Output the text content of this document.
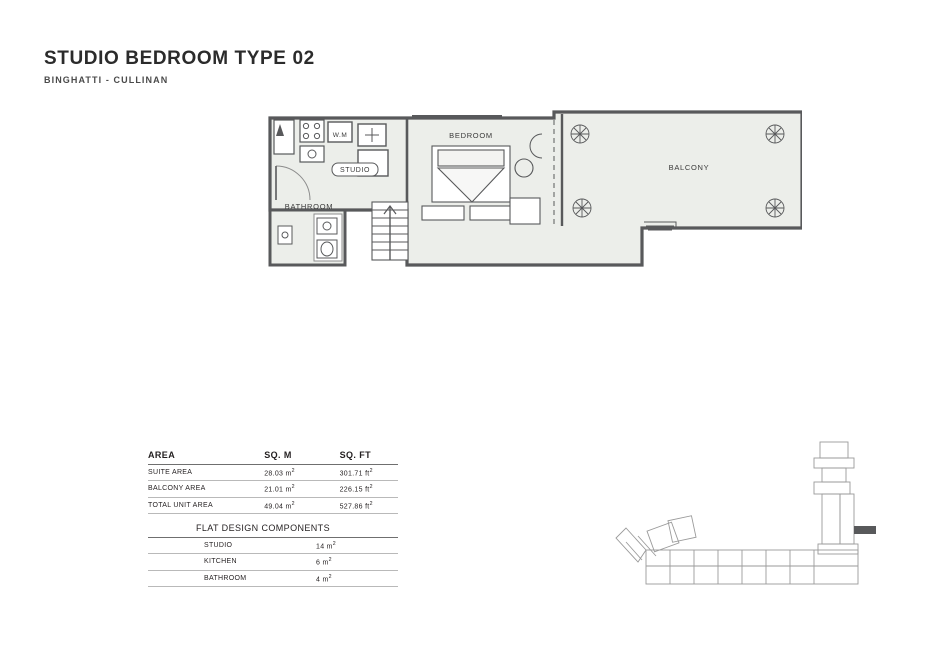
STUDIO BEDROOM TYPE 02
BINGHATTI - CULLINAN
BEDROOM
BALCONY
BATHROOM
W.M
STUDIO
AREA	SQ. M	SQ. FT
SUITE AREA	28.03 $m^2$	301.71 $ft^2$
BALCONY AREA	21.01 $m^2$	226.15 $ft^2$
TOTAL UNIT AREA	49.04 $m^2$	527.86 $ft^2$
FLAT DESIGN COMPONENTS
STUDIO	14 $m^2$
KITCHEN	6 $m^2$
BATHROOM	4 $m^2$
